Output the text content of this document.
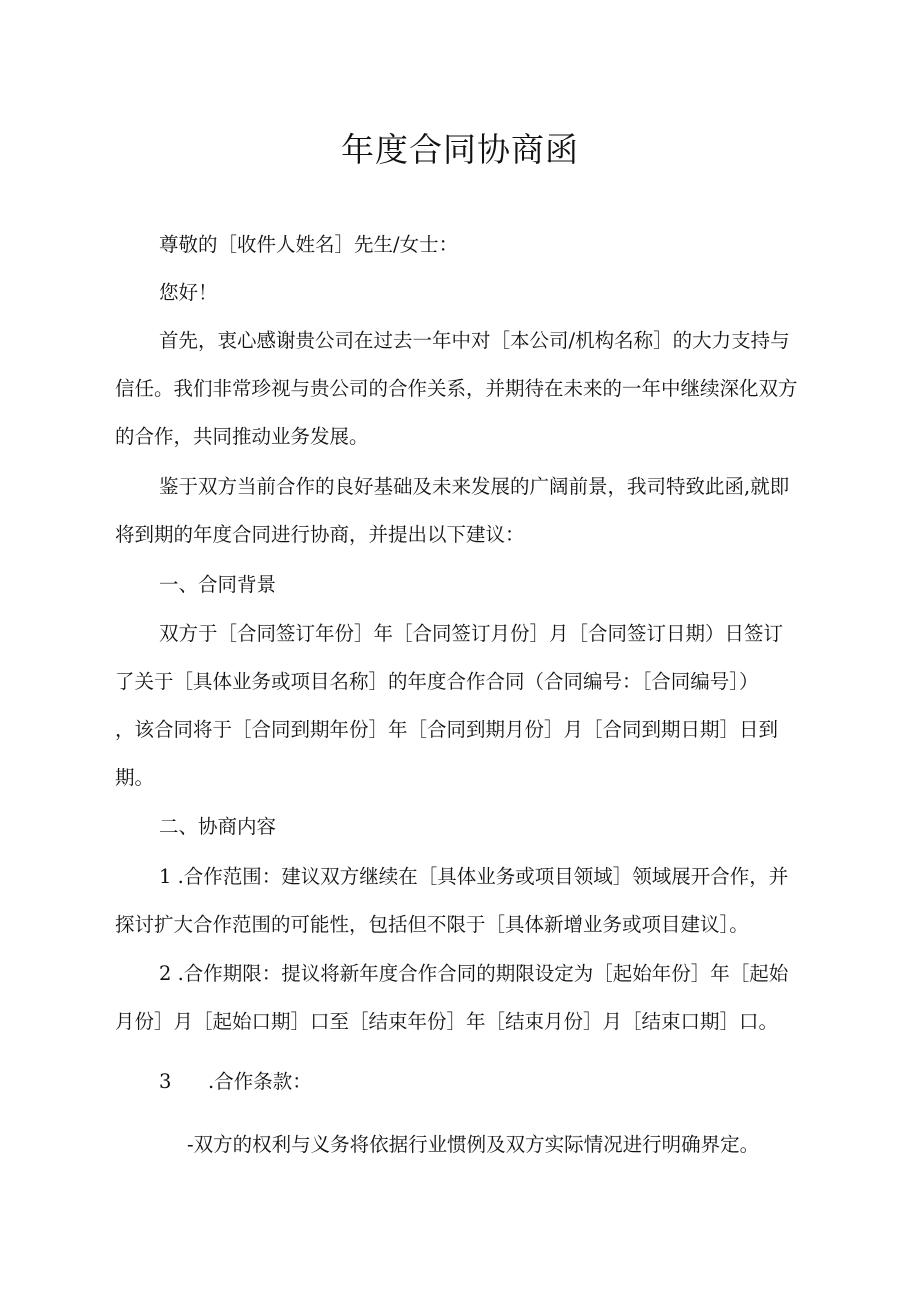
年度合同协商函
尊敬的［收件人姓名］先生/女士：
您好！
首先，衷心感谢贵公司在过去一年中对［本公司/机构名称］的大力支持与
信任。我们非常珍视与贵公司的合作关系，并期待在未来的一年中继续深化双方
的合作，共同推动业务发展。
鉴于双方当前合作的良好基础及未来发展的广阔前景，我司特致此函,就即
将到期的年度合同进行协商，并提出以下建议：
一、合同背景
双方于［合同签订年份］年［合同签订月份］月［合同签订日期）日签订
了关于［具体业务或项目名称］的年度合作合同（合同编号：［合同编号］）
，该合同将于［合同到期年份］年［合同到期月份］月［合同到期日期］日到
期。
二、协商内容
1 .合作范围：建议双方继续在［具体业务或项目领域］领域展开合作，并
探讨扩大合作范围的可能性，包括但不限于［具体新增业务或项目建议］。
2 .合作期限：提议将新年度合作合同的期限设定为［起始年份］年［起始
月份］月［起始口期］口至［结束年份］年［结束月份］月［结束口期］口。
3 .合作条款：
-双方的权利与义务将依据行业惯例及双方实际情况进行明确界定。
